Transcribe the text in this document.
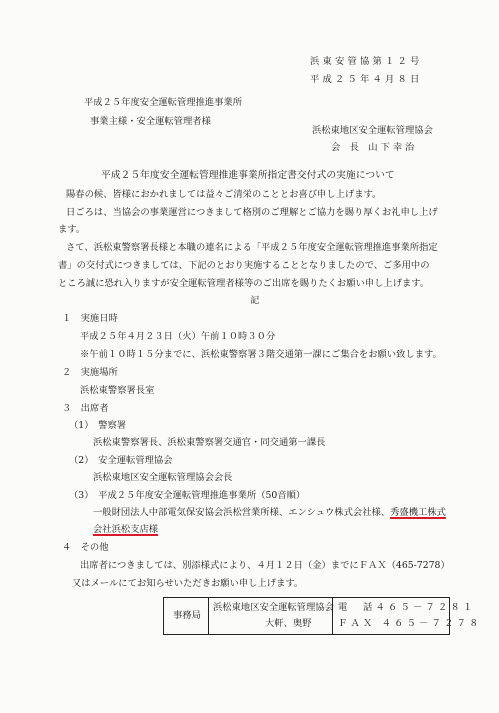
浜東安管協第１２号
平成２５年４月８日
平成２５年度安全運転管理推進事業所
事業主様・安全運転管理者様
浜松東地区安全運転管理協会
会　長　山 下 幸 治
平成２５年度安全運転管理推進事業所指定書交付式の実施について
陽春の候、皆様におかれましては益々ご清栄のこととお喜び申し上げます。
日ごろは、当協会の事業運営につきまして格別のご理解とご協力を賜り厚くお礼申し上げ
ます。
さて、浜松東警察署長様と本職の連名による「平成２５年度安全運転管理推進事業所指定
書」の交付式につきましては、下記のとおり実施することとなりましたので、ご多用中の
ところ誠に恐れ入りますが安全運転管理者様等のご出席を賜りたくお願い申し上げます。
記
１　実施日時
平成２５年４月２３日（火）午前１０時３０分
※午前１０時１５分までに、浜松東警察署３階交通第一課にご集合をお願い致します。
２　実施場所
浜松東警察署長室
３　出席者
（1）　警察署
浜松東警察署長、浜松東警察署交通官・同交通第一課長
（2）　安全運転管理協会
浜松東地区安全運転管理協会会長
（3）　平成２５年度安全運転管理推進事業所（50音順）
一般財団法人中部電気保安協会浜松営業所様、エンシュウ株式会社様、秀盛機工株式
会社浜松支店様
４　その他
出席者につきましては、別添様式により、４月１２日（金）までにＦＡＸ（465-7278）
又はメールにてお知らせいただきお願い申し上げます。
事務局
浜松東地区安全運転管理協会
大軒、奥野
電　話４６５－７２８１
ＦＡＸ ４６５－７２７８
